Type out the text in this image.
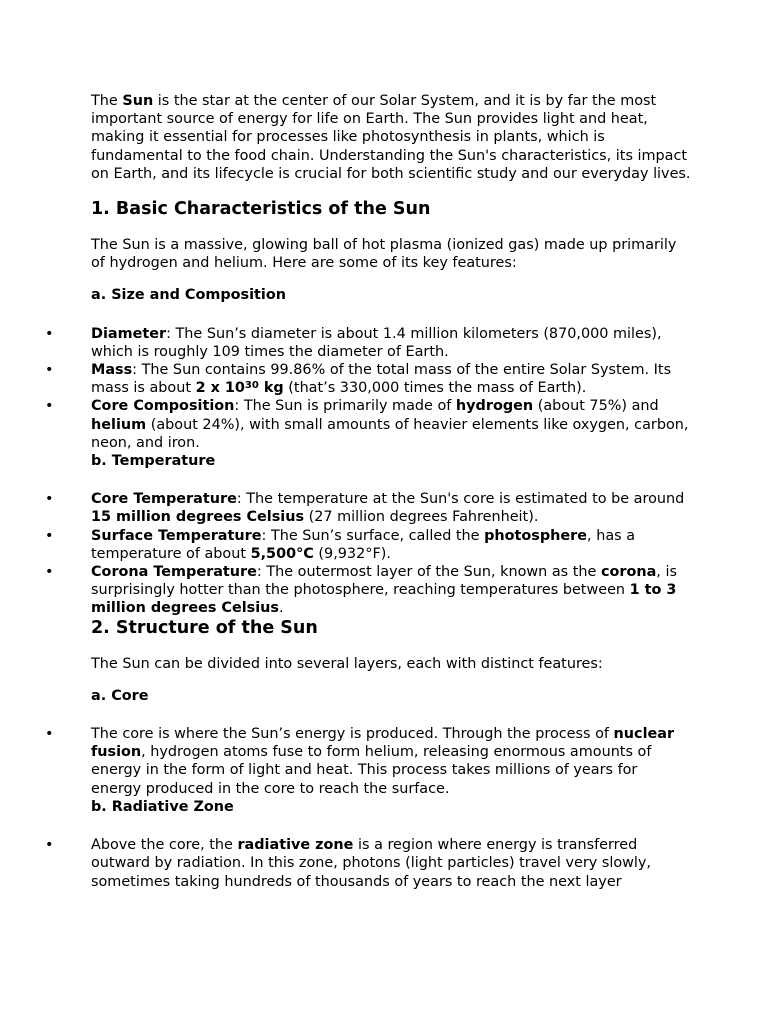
The Sun is the star at the center of our Solar System, and it is by far the most important source of energy for life on Earth. The Sun provides light and heat, making it essential for processes like photosynthesis in plants, which is fundamental to the food chain. Understanding the Sun's characteristics, its impact on Earth, and its lifecycle is crucial for both scientific study and our everyday lives.

1. Basic Characteristics of the Sun

The Sun is a massive, glowing ball of hot plasma (ionized gas) made up primarily of hydrogen and helium. Here are some of its key features:

a. Size and Composition
•	Diameter: The Sun’s diameter is about 1.4 million kilometers (870,000 miles), which is roughly 109 times the diameter of Earth.
•	Mass: The Sun contains 99.86% of the total mass of the entire Solar System. Its mass is about 2 x $10^{30}$ kg (that’s 330,000 times the mass of Earth).
•	Core Composition: The Sun is primarily made of hydrogen (about 75%) and helium (about 24%), with small amounts of heavier elements like oxygen, carbon, neon, and iron.
b. Temperature
•	Core Temperature: The temperature at the Sun's core is estimated to be around 15 million degrees Celsius (27 million degrees Fahrenheit).
•	Surface Temperature: The Sun’s surface, called the photosphere, has a temperature of about 5,500°C (9,932°F).
•	Corona Temperature: The outermost layer of the Sun, known as the corona, is surprisingly hotter than the photosphere, reaching temperatures between 1 to 3 million degrees Celsius.
2. Structure of the Sun

The Sun can be divided into several layers, each with distinct features:

a. Core
•	The core is where the Sun’s energy is produced. Through the process of nuclear fusion, hydrogen atoms fuse to form helium, releasing enormous amounts of energy in the form of light and heat. This process takes millions of years for energy produced in the core to reach the surface.
b. Radiative Zone
•	Above the core, the radiative zone is a region where energy is transferred outward by radiation. In this zone, photons (light particles) travel very slowly, sometimes taking hundreds of thousands of years to reach the next layer
